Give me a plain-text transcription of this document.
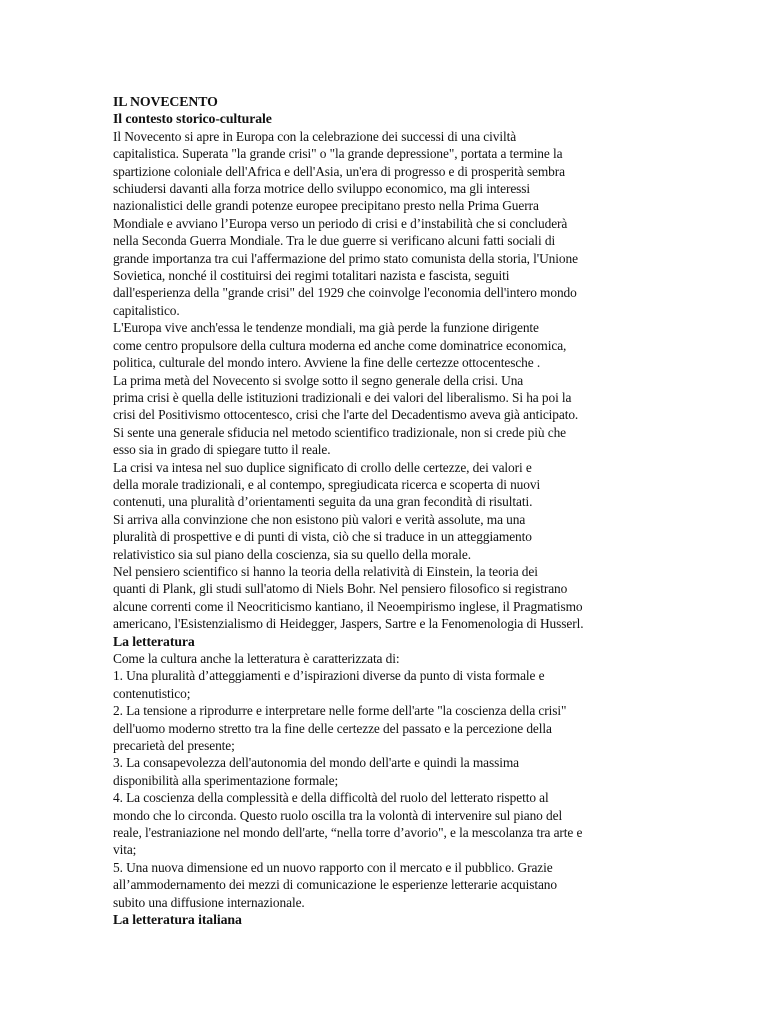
IL NOVECENTO
Il contesto storico-culturale

Il Novecento si apre in Europa con la celebrazione dei successi di una civiltà
capitalistica. Superata "la grande crisi" o "la grande depressione", portata a termine la
spartizione coloniale dell'Africa e dell'Asia, un'era di progresso e di prosperità sembra
schiudersi davanti alla forza motrice dello sviluppo economico, ma gli interessi
nazionalistici delle grandi potenze europee precipitano presto nella Prima Guerra
Mondiale e avviano l’Europa verso un periodo di crisi e d’instabilità che si concluderà
nella Seconda Guerra Mondiale. Tra le due guerre si verificano alcuni fatti sociali di
grande importanza tra cui l'affermazione del primo stato comunista della storia, l'Unione
Sovietica, nonché il costituirsi dei regimi totalitari nazista e fascista, seguiti
dall'esperienza della "grande crisi" del 1929 che coinvolge l'economia dell'intero mondo
capitalistico.

L'Europa vive anch'essa le tendenze mondiali, ma già perde la funzione dirigente
come centro propulsore della cultura moderna ed anche come dominatrice economica,
politica, culturale del mondo intero. Avviene la fine delle certezze ottocentesche .

La prima metà del Novecento si svolge sotto il segno generale della crisi. Una
prima crisi è quella delle istituzioni tradizionali e dei valori del liberalismo. Si ha poi la
crisi del Positivismo ottocentesco, crisi che l'arte del Decadentismo aveva già anticipato.
Si sente una generale sfiducia nel metodo scientifico tradizionale, non si crede più che
esso sia in grado di spiegare tutto il reale.

La crisi va intesa nel suo duplice significato di crollo delle certezze, dei valori e
della morale tradizionali, e al contempo, spregiudicata ricerca e scoperta di nuovi
contenuti, una pluralità d’orientamenti seguita da una gran fecondità di risultati.

Si arriva alla convinzione che non esistono più valori e verità assolute, ma una
pluralità di prospettive e di punti di vista, ciò che si traduce in un atteggiamento
relativistico sia sul piano della coscienza, sia su quello della morale.

Nel pensiero scientifico si hanno la teoria della relatività di Einstein, la teoria dei
quanti di Plank, gli studi sull'atomo di Niels Bohr. Nel pensiero filosofico si registrano
alcune correnti come il Neocriticismo kantiano, il Neoempirismo inglese, il Pragmatismo
americano, l'Esistenzialismo di Heidegger, Jaspers, Sartre e la Fenomenologia di Husserl.

La letteratura

Come la cultura anche la letteratura è caratterizzata di:

1. Una pluralità d’atteggiamenti e d’ispirazioni diverse da punto di vista formale e
contenutistico;

2. La tensione a riprodurre e interpretare nelle forme dell'arte "la coscienza della crisi"
dell'uomo moderno stretto tra la fine delle certezze del passato e la percezione della
precarietà del presente;

3. La consapevolezza dell'autonomia del mondo dell'arte e quindi la massima
disponibilità alla sperimentazione formale;

4. La coscienza della complessità e della difficoltà del ruolo del letterato rispetto al
mondo che lo circonda. Questo ruolo oscilla tra la volontà di intervenire sul piano del
reale, l'estraniazione nel mondo dell'arte, “nella torre d’avorio", e la mescolanza tra arte e
vita;

5. Una nuova dimensione ed un nuovo rapporto con il mercato e il pubblico. Grazie
all’ammodernamento dei mezzi di comunicazione le esperienze letterarie acquistano
subito una diffusione internazionale.

La letteratura italiana
